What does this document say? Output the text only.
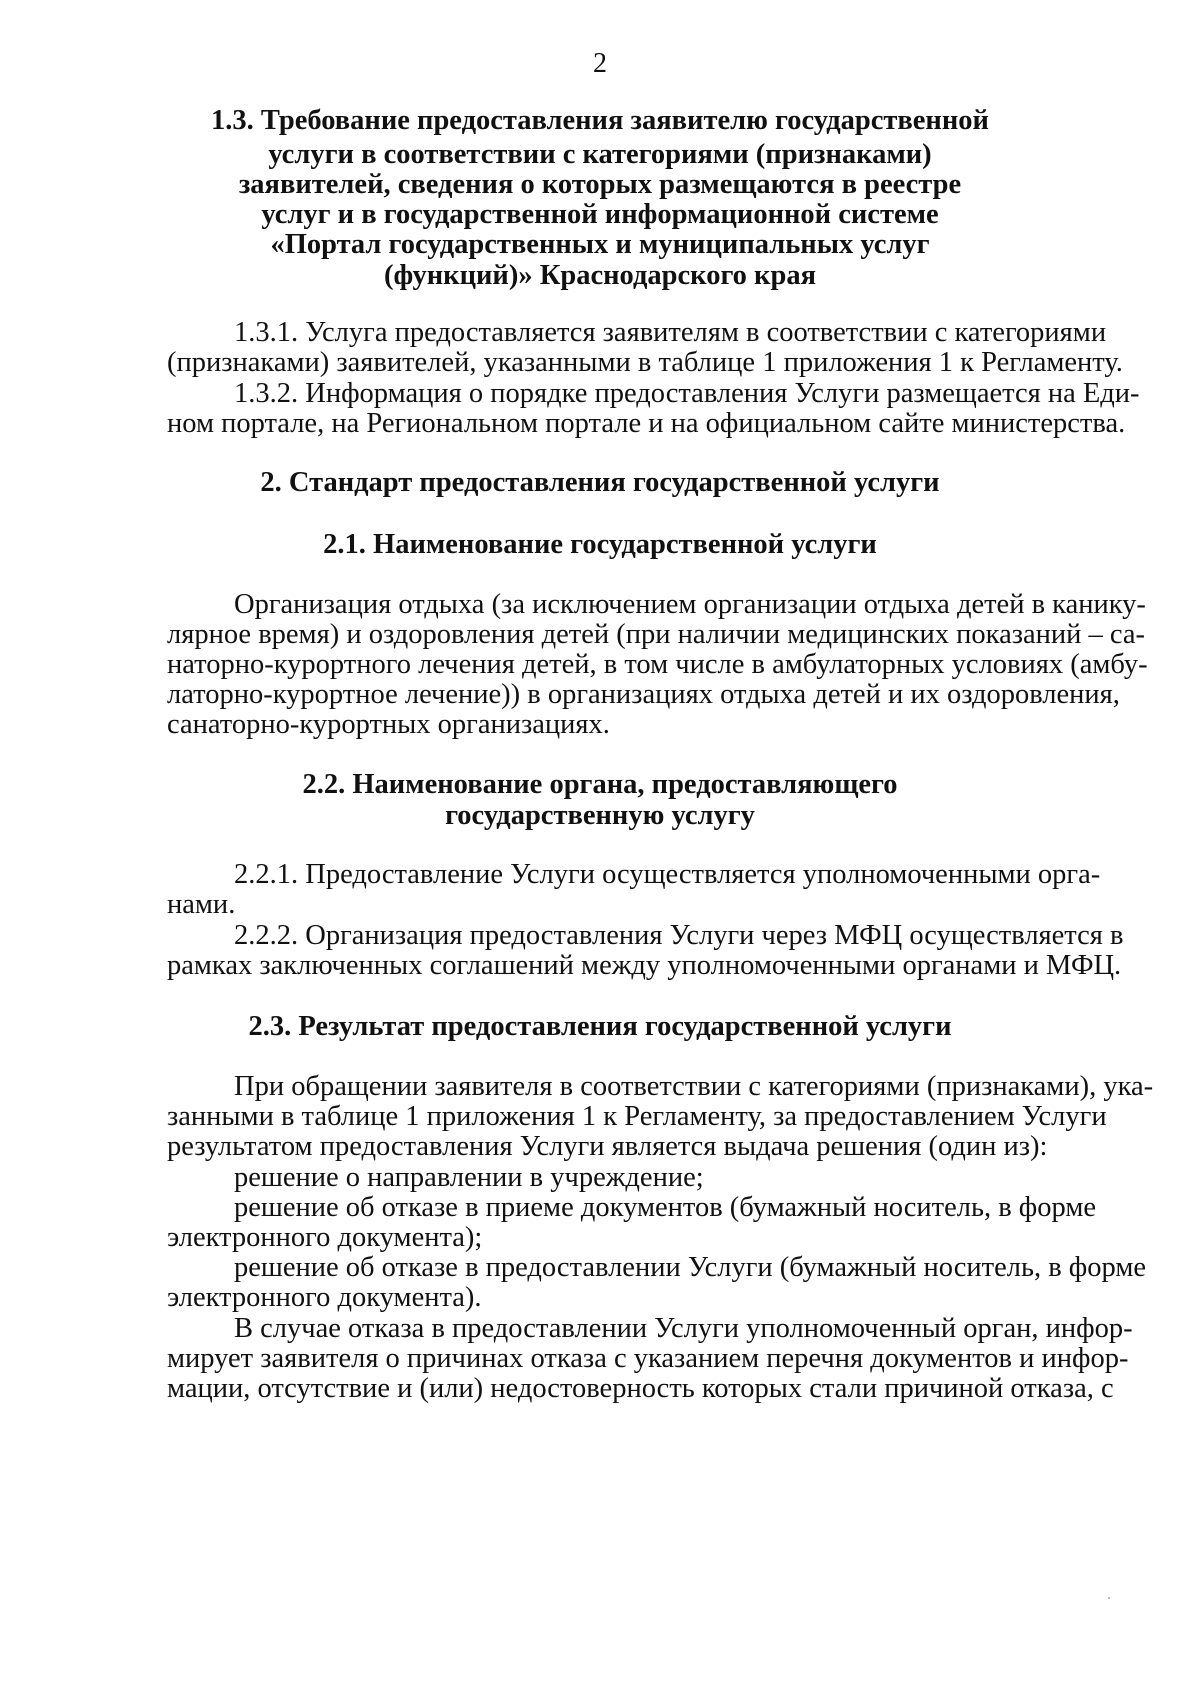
2
1.3. Требование предоставления заявителю государственной
услуги в соответствии с категориями (признаками)
заявителей, сведения о которых размещаются в реестре
услуг и в государственной информационной системе
«Портал государственных и муниципальных услуг
(функций)» Краснодарского края
1.3.1. Услуга предоставляется заявителям в соответствии с категориями
(признаками) заявителей, указанными в таблице 1 приложения 1 к Регламенту.
1.3.2. Информация о порядке предоставления Услуги размещается на Еди-
ном портале, на Региональном портале и на официальном сайте министерства.
2. Стандарт предоставления государственной услуги
2.1. Наименование государственной услуги
Организация отдыха (за исключением организации отдыха детей в канику-
лярное время) и оздоровления детей (при наличии медицинских показаний – са-
наторно-курортного лечения детей, в том числе в амбулаторных условиях (амбу-
латорно-курортное лечение)) в организациях отдыха детей и их оздоровления,
санаторно-курортных организациях.
2.2. Наименование органа, предоставляющего
государственную услугу
2.2.1. Предоставление Услуги осуществляется уполномоченными орга-
нами.
2.2.2. Организация предоставления Услуги через МФЦ осуществляется в
рамках заключенных соглашений между уполномоченными органами и МФЦ.
2.3. Результат предоставления государственной услуги
При обращении заявителя в соответствии с категориями (признаками), ука-
занными в таблице 1 приложения 1 к Регламенту, за предоставлением Услуги
результатом предоставления Услуги является выдача решения (один из):
решение о направлении в учреждение;
решение об отказе в приеме документов (бумажный носитель, в форме
электронного документа);
решение об отказе в предоставлении Услуги (бумажный носитель, в форме
электронного документа).
В случае отказа в предоставлении Услуги уполномоченный орган, инфор-
мирует заявителя о причинах отказа с указанием перечня документов и инфор-
мации, отсутствие и (или) недостоверность которых стали причиной отказа, с
